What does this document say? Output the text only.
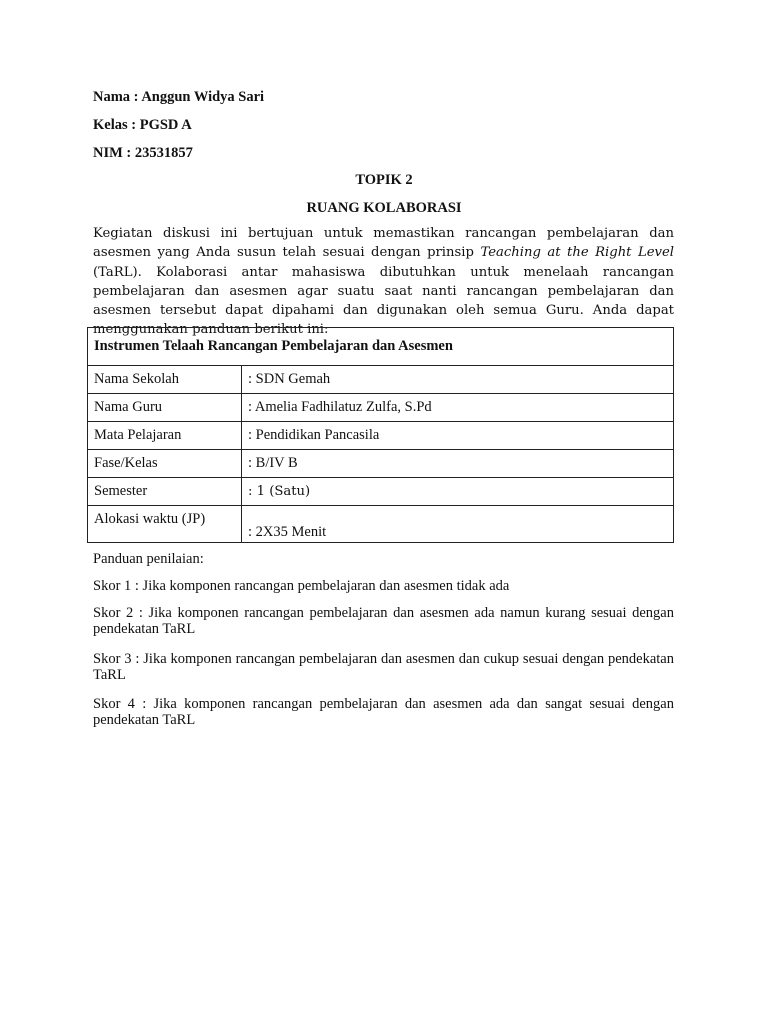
Nama : Anggun Widya Sari
Kelas : PGSD A
NIM : 23531857
TOPIK 2
RUANG KOLABORASI

Kegiatan diskusi ini bertujuan untuk memastikan rancangan pembelajaran dan asesmen yang Anda susun telah sesuai dengan prinsip Teaching at the Right Level (TaRL). Kolaborasi antar mahasiswa dibutuhkan untuk menelaah rancangan pembelajaran dan asesmen agar suatu saat nanti rancangan pembelajaran dan asesmen tersebut dapat dipahami dan digunakan oleh semua Guru. Anda dapat menggunakan panduan berikut ini:

Instrumen Telaah Rancangan Pembelajaran dan Asesmen	
Nama Sekolah	: SDN Gemah
Nama Guru	: Amelia Fadhilatuz Zulfa, S.Pd
Mata Pelajaran	: Pendidikan Pancasila
Fase/Kelas	: B/IV B
Semester	: 1 (Satu)
Alokasi waktu (JP)	: 2X35 Menit
Panduan penilaian:
Skor 1 : Jika komponen rancangan pembelajaran dan asesmen tidak ada
Skor 2 : Jika komponen rancangan pembelajaran dan asesmen ada namun kurang sesuai dengan pendekatan TaRL
Skor 3 : Jika komponen rancangan pembelajaran dan asesmen dan cukup sesuai dengan pendekatan TaRL
Skor 4 : Jika komponen rancangan pembelajaran dan asesmen ada dan sangat sesuai dengan pendekatan TaRL
